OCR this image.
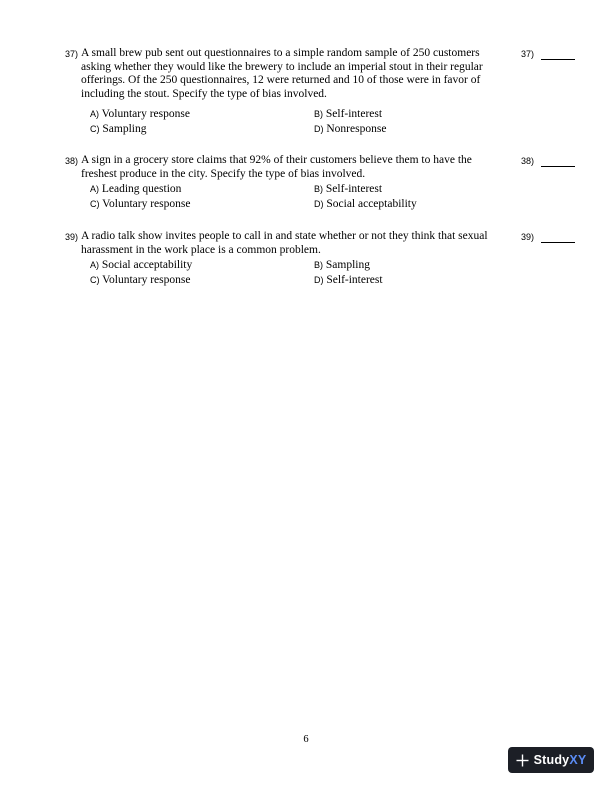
37) A small brew pub sent out questionnaires to a simple random sample of 250 customers asking whether they would like the brewery to include an imperial stout in their regular offerings. Of the 250 questionnaires, 12 were returned and 10 of those were in favor of including the stout. Specify the type of bias involved.
A) Voluntary response	B) Self-interest
C) Sampling	D) Nonresponse
37)
38) A sign in a grocery store claims that 92% of their customers believe them to have the freshest produce in the city. Specify the type of bias involved.
A) Leading question	B) Self-interest
C) Voluntary response	D) Social acceptability
38)
39) A radio talk show invites people to call in and state whether or not they think that sexual harassment in the work place is a common problem.
A) Social acceptability	B) Sampling
C) Voluntary response	D) Self-interest
39)
6
StudyXY
